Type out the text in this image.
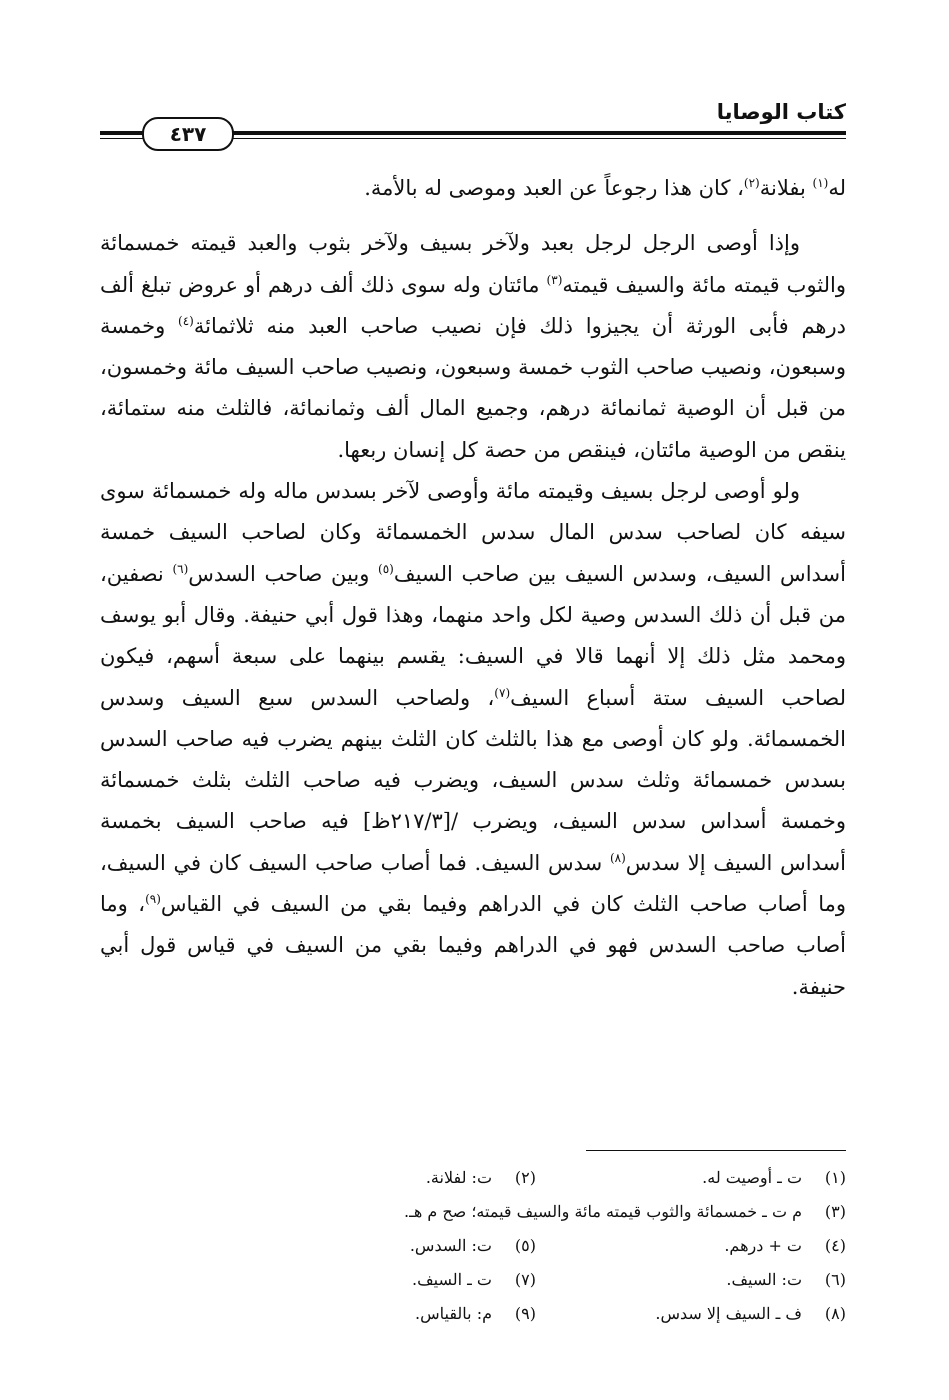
كتاب الوصايا
٤٣٧

له$^{(١)}$ بفلانة$^{(٢)}$، كان هذا رجوعاً عن العبد وموصى له بالأمة.

وإذا أوصى الرجل لرجل بعبد ولآخر بسيف ولآخر بثوب والعبد قيمته خمسمائة والثوب قيمته مائة والسيف قيمته$^{(٣)}$ مائتان وله سوى ذلك ألف درهم أو عروض تبلغ ألف درهم فأبى الورثة أن يجيزوا ذلك فإن نصيب صاحب العبد منه ثلاثمائة$^{(٤)}$ وخمسة وسبعون، ونصيب صاحب الثوب خمسة وسبعون، ونصيب صاحب السيف مائة وخمسون، من قبل أن الوصية ثمانمائة درهم، وجميع المال ألف وثمانمائة، فالثلث منه ستمائة، ينقص من الوصية مائتان، فينقص من حصة كل إنسان ربعها.

ولو أوصى لرجل بسيف وقيمته مائة وأوصى لآخر بسدس ماله وله خمسمائة سوى سيفه كان لصاحب سدس المال سدس الخمسمائة وكان لصاحب السيف خمسة أسداس السيف، وسدس السيف بين صاحب السيف$^{(٥)}$ وبين صاحب السدس$^{(٦)}$ نصفين، من قبل أن ذلك السدس وصية لكل واحد منهما، وهذا قول أبي حنيفة. وقال أبو يوسف ومحمد مثل ذلك إلا أنهما قالا في السيف: يقسم بينهما على سبعة أسهم، فيكون لصاحب السيف ستة أسباع السيف$^{(٧)}$، ولصاحب السدس سبع السيف وسدس الخمسمائة. ولو كان أوصى مع هذا بالثلث كان الثلث بينهم يضرب فيه صاحب السدس بسدس خمسمائة وثلث سدس السيف، ويضرب فيه صاحب الثلث بثلث خمسمائة وخمسة أسداس سدس السيف، ويضرب /[٢١٧/٣ظ] فيه صاحب السيف بخمسة أسداس السيف إلا سدس$^{(٨)}$ سدس السيف. فما أصاب صاحب السيف كان في السيف، وما أصاب صاحب الثلث كان في الدراهم وفيما بقي من السيف في القياس$^{(٩)}$، وما أصاب صاحب السدس فهو في الدراهم وفيما بقي من السيف في قياس قول أبي حنيفة.

(١)ت ـ أوصيت له.
(٢)ت: لفلانة.
(٣)م ت ـ خمسمائة والثوب قيمته مائة والسيف قيمته؛ صح م هـ.
(٤)ت + درهم.
(٥)ت: السدس.
(٦)ت: السيف.
(٧)ت ـ السيف.
(٨)ف ـ السيف إلا سدس.
(٩)م: بالقياس.
